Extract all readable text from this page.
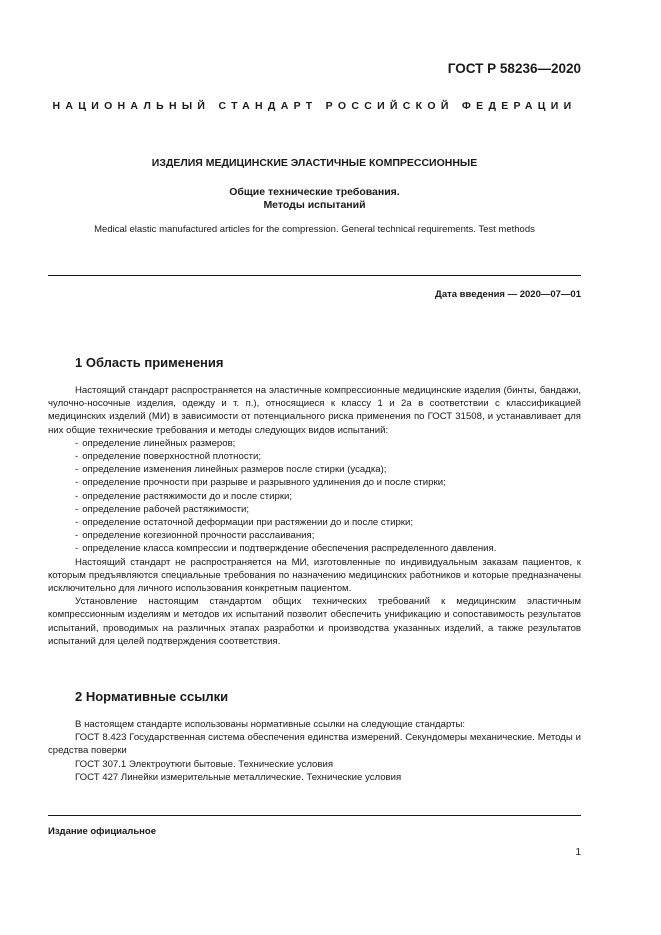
ГОСТ Р 58236—2020
НАЦИОНАЛЬНЫЙ СТАНДАРТ РОССИЙСКОЙ ФЕДЕРАЦИИ
ИЗДЕЛИЯ МЕДИЦИНСКИЕ ЭЛАСТИЧНЫЕ КОМПРЕССИОННЫЕ
Общие технические требования.
Методы испытаний
Medical elastic manufactured articles for the compression. General technical requirements. Test methods
Дата введения — 2020—07—01
1 Область применения

Настоящий стандарт распространяется на эластичные компрессионные медицинские изделия (бинты, бандажи, чулочно-носочные изделия, одежду и т. п.), относящиеся к классу 1 и 2а в соответствии с классификацией медицинских изделий (МИ) в зависимости от потенциального риска применения по ГОСТ 31508, и устанавливает для них общие технические требования и методы следующих видов испытаний:

- определение линейных размеров;
- определение поверхностной плотности;
- определение изменения линейных размеров после стирки (усадка);
- определение прочности при разрыве и разрывного удлинения до и после стирки;
- определение растяжимости до и после стирки;
- определение рабочей растяжимости;
- определение остаточной деформации при растяжении до и после стирки;
- определение когезионной прочности расслаивания;
- определение класса компрессии и подтверждение обеспечения распределенного давления.

Настоящий стандарт не распространяется на МИ, изготовленные по индивидуальным заказам пациентов, к которым предъявляются специальные требования по назначению медицинских работников и которые предназначены исключительно для личного использования конкретным пациентом.

Установление настоящим стандартом общих технических требований к медицинским эластичным компрессионным изделиям и методов их испытаний позволит обеспечить унификацию и сопоставимость результатов испытаний, проводимых на различных этапах разработки и производства указанных изделий, а также результатов испытаний для целей подтверждения соответствия.

2 Нормативные ссылки

В настоящем стандарте использованы нормативные ссылки на следующие стандарты:

ГОСТ 8.423 Государственная система обеспечения единства измерений. Секундомеры механические. Методы и средства поверки

ГОСТ 307.1 Электроутюги бытовые. Технические условия

ГОСТ 427 Линейки измерительные металлические. Технические условия

Издание официальное
1
